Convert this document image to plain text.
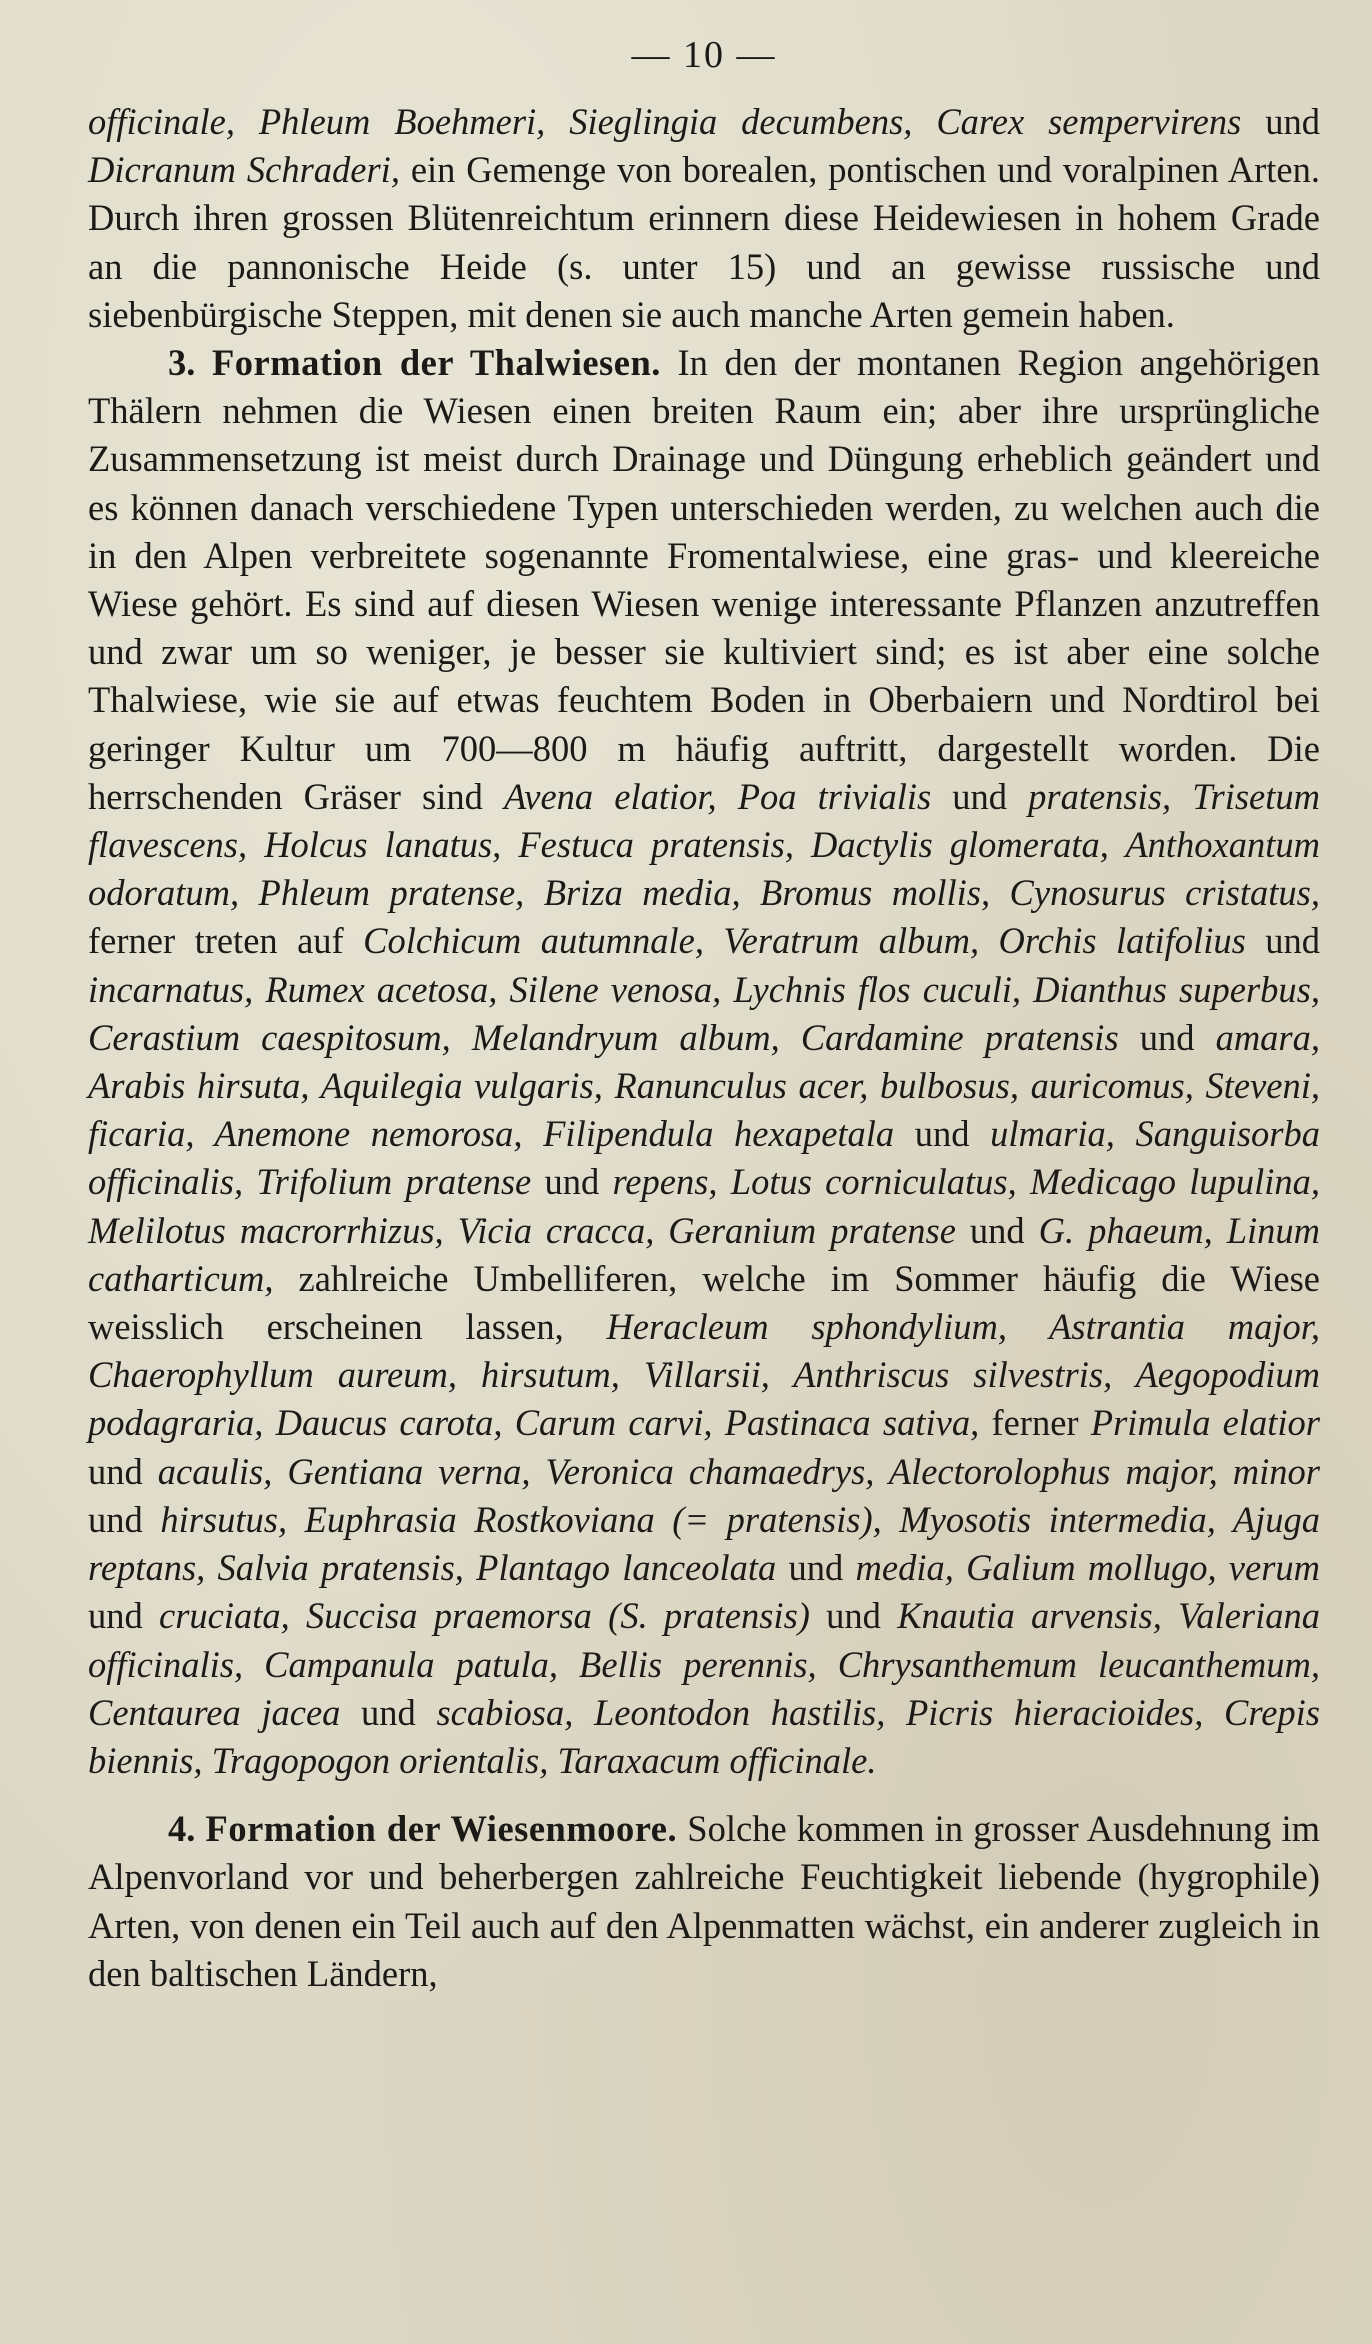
— 10 —

officinale, Phleum Boehmeri, Sieglingia decumbens, Carex sempervirens und Dicranum Schraderi, ein Gemenge von borealen, pontischen und voralpinen Arten. Durch ihren grossen Blütenreichtum erinnern diese Heidewiesen in hohem Grade an die pannonische Heide (s. unter 15) und an gewisse russische und siebenbürgische Steppen, mit denen sie auch manche Arten gemein haben.

3. Formation der Thalwiesen. In den der montanen Region angehörigen Thälern nehmen die Wiesen einen breiten Raum ein; aber ihre ursprüngliche Zusammensetzung ist meist durch Drainage und Düngung erheblich geändert und es können danach verschiedene Typen unterschieden werden, zu welchen auch die in den Alpen verbreitete sogenannte Fromentalwiese, eine gras- und kleereiche Wiese gehört. Es sind auf diesen Wiesen wenige interessante Pflanzen anzutreffen und zwar um so weniger, je besser sie kultiviert sind; es ist aber eine solche Thalwiese, wie sie auf etwas feuchtem Boden in Oberbaiern und Nordtirol bei geringer Kultur um 700—800 m häufig auftritt, dargestellt worden. Die herrschenden Gräser sind Avena elatior, Poa trivialis und pratensis, Trisetum flavescens, Holcus lanatus, Festuca pratensis, Dactylis glomerata, Anthoxantum odoratum, Phleum pratense, Briza media, Bromus mollis, Cynosurus cristatus, ferner treten auf Colchicum autumnale, Veratrum album, Orchis latifolius und incarnatus, Rumex acetosa, Silene venosa, Lychnis flos cuculi, Dianthus superbus, Cerastium caespitosum, Melandryum album, Cardamine pratensis und amara, Arabis hirsuta, Aquilegia vulgaris, Ranunculus acer, bulbosus, auricomus, Steveni, ficaria, Anemone nemorosa, Filipendula hexapetala und ulmaria, Sanguisorba officinalis, Trifolium pratense und repens, Lotus corniculatus, Medicago lupulina, Melilotus macrorrhizus, Vicia cracca, Geranium pratense und G. phaeum, Linum catharticum, zahlreiche Umbelliferen, welche im Sommer häufig die Wiese weisslich erscheinen lassen, Heracleum sphondylium, Astrantia major, Chaerophyllum aureum, hirsutum, Villarsii, Anthriscus silvestris, Aegopodium podagraria, Daucus carota, Carum carvi, Pastinaca sativa, ferner Primula elatior und acaulis, Gentiana verna, Veronica chamaedrys, Alectorolophus major, minor und hirsutus, Euphrasia Rostkoviana (= pratensis), Myosotis intermedia, Ajuga reptans, Salvia pratensis, Plantago lanceolata und media, Galium mollugo, verum und cruciata, Succisa praemorsa (S. pratensis) und Knautia arvensis, Valeriana officinalis, Campanula patula, Bellis perennis, Chrysanthemum leucanthemum, Centaurea jacea und scabiosa, Leontodon hastilis, Picris hieracioides, Crepis biennis, Tragopogon orientalis, Taraxacum officinale.

4. Formation der Wiesenmoore. Solche kommen in grosser Ausdehnung im Alpenvorland vor und beherbergen zahlreiche Feuchtigkeit liebende (hygrophile) Arten, von denen ein Teil auch auf den Alpenmatten wächst, ein anderer zugleich in den baltischen Ländern,
